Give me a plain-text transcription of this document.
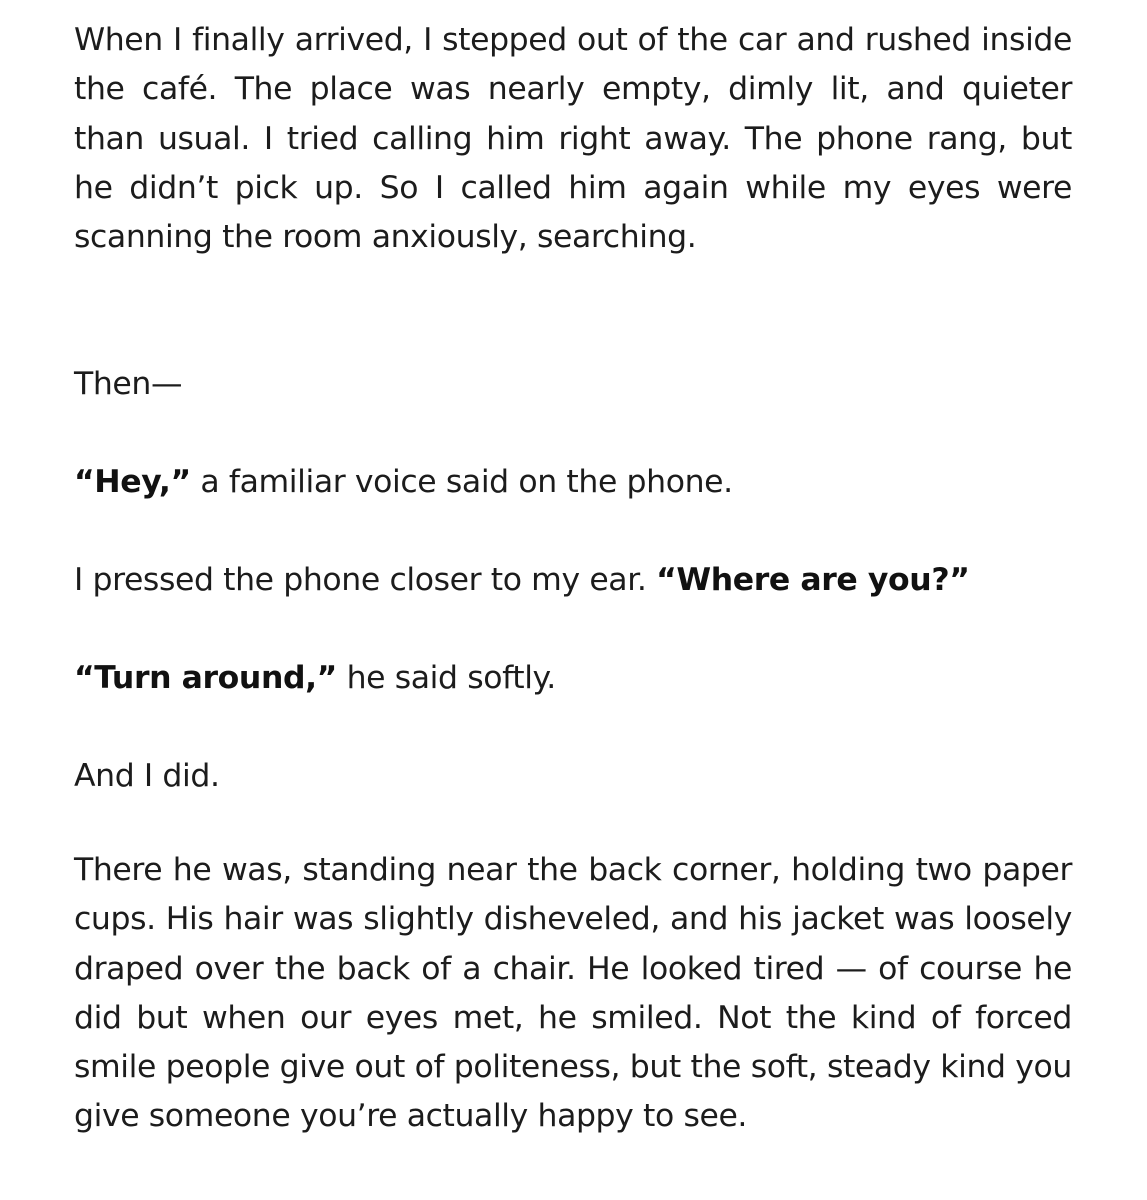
When I finally arrived, I stepped out of the car and rushed inside the café. The place was nearly empty, dimly lit, and quieter than usual. I tried calling him right away. The phone rang, but he didn’t pick up. So I called him again while my eyes were scanning the room anxiously, searching.

Then—

“Hey,” a familiar voice said on the phone.

I pressed the phone closer to my ear. “Where are you?”

“Turn around,” he said softly.

And I did.

There he was, standing near the back corner, holding two paper cups. His hair was slightly disheveled, and his jacket was loosely draped over the back of a chair. He looked tired — of course he did but when our eyes met, he smiled. Not the kind of forced smile people give out of politeness, but the soft, steady kind you give someone you’re actually happy to see.
